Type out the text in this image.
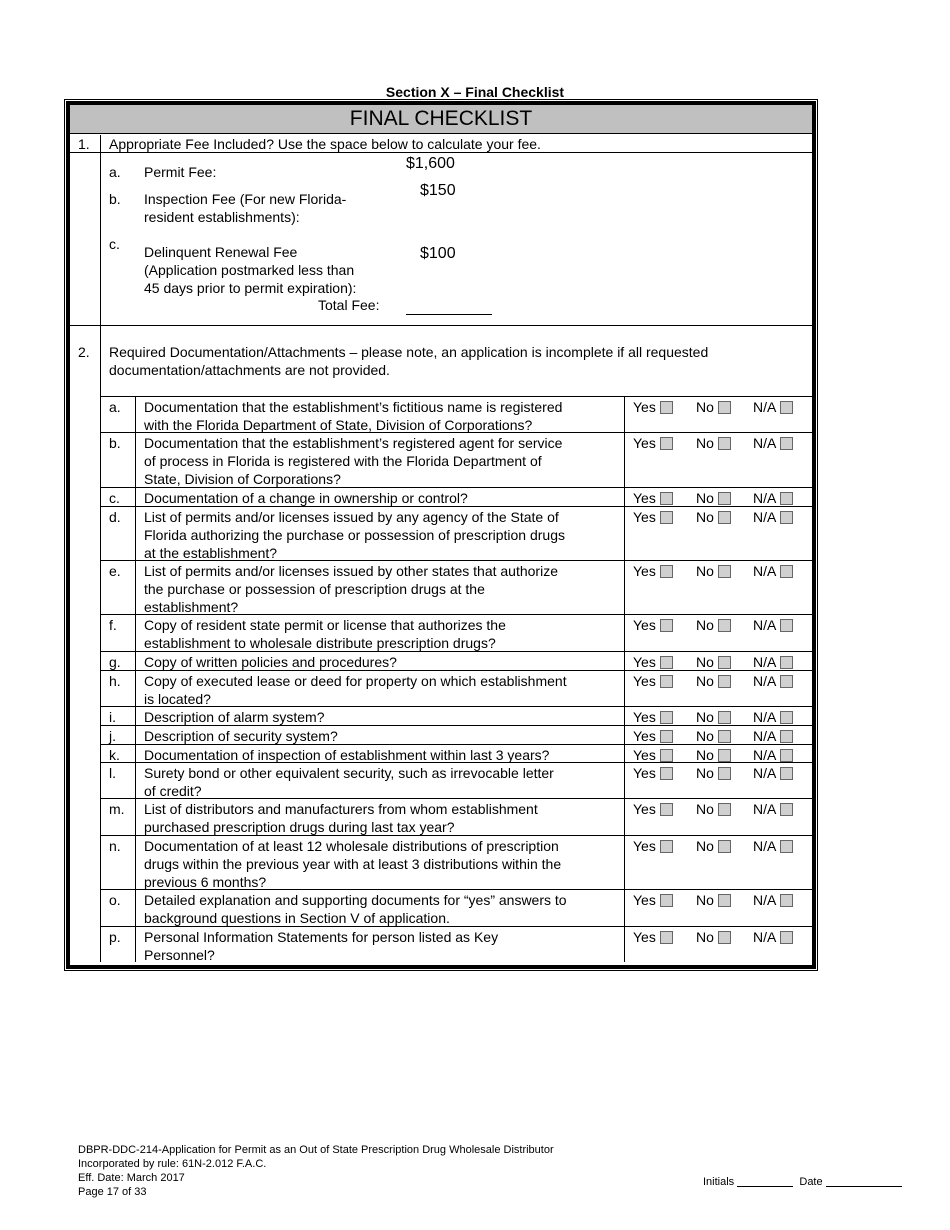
Section X – Final Checklist
FINAL CHECKLIST
1. Appropriate Fee Included? Use the space below to calculate your fee.
a. Permit Fee:	$1,600
b. Inspection Fee (For new Florida-
resident establishments):
$150
c. Delinquent Renewal Fee
(Application postmarked less than
45 days prior to permit expiration):
$100
Total Fee:
2. Required Documentation/Attachments – please note, an application is incomplete if all requested
documentation/attachments are not provided.
a. Documentation that the establishment’s fictitious name is registered
with the Florida Department of State, Division of Corporations?
Yes	No	N/A
b. Documentation that the establishment’s registered agent for service
of process in Florida is registered with the Florida Department of
State, Division of Corporations?
Yes	No	N/A
c. Documentation of a change in ownership or control?	Yes	No	N/A
d. List of permits and/or licenses issued by any agency of the State of
Florida authorizing the purchase or possession of prescription drugs
at the establishment?
Yes	No	N/A
e. List of permits and/or licenses issued by other states that authorize
the purchase or possession of prescription drugs at the
establishment?
Yes	No	N/A
f. Copy of resident state permit or license that authorizes the
establishment to wholesale distribute prescription drugs?
Yes	No	N/A
g. Copy of written policies and procedures?	Yes	No	N/A
h. Copy of executed lease or deed for property on which establishment
is located?
Yes	No	N/A
i. Description of alarm system?	Yes	No	N/A
j. Description of security system?	Yes	No	N/A
k. Documentation of inspection of establishment within last 3 years?	Yes	No	N/A
l. Surety bond or other equivalent security, such as irrevocable letter
of credit?
Yes	No	N/A
m. List of distributors and manufacturers from whom establishment
purchased prescription drugs during last tax year?
Yes	No	N/A
n. Documentation of at least 12 wholesale distributions of prescription
drugs within the previous year with at least 3 distributions within the
previous 6 months?
Yes	No	N/A
o. Detailed explanation and supporting documents for “yes” answers to
background questions in Section V of application.
Yes	No	N/A
p. Personal Information Statements for person listed as Key
Personnel?
Yes	No	N/A
DBPR-DDC-214-Application for Permit as an Out of State Prescription Drug Wholesale Distributor
Incorporated by rule: 61N-2.012 F.A.C.
Eff. Date: March 2017
Page 17 of 33
Initials	Date
